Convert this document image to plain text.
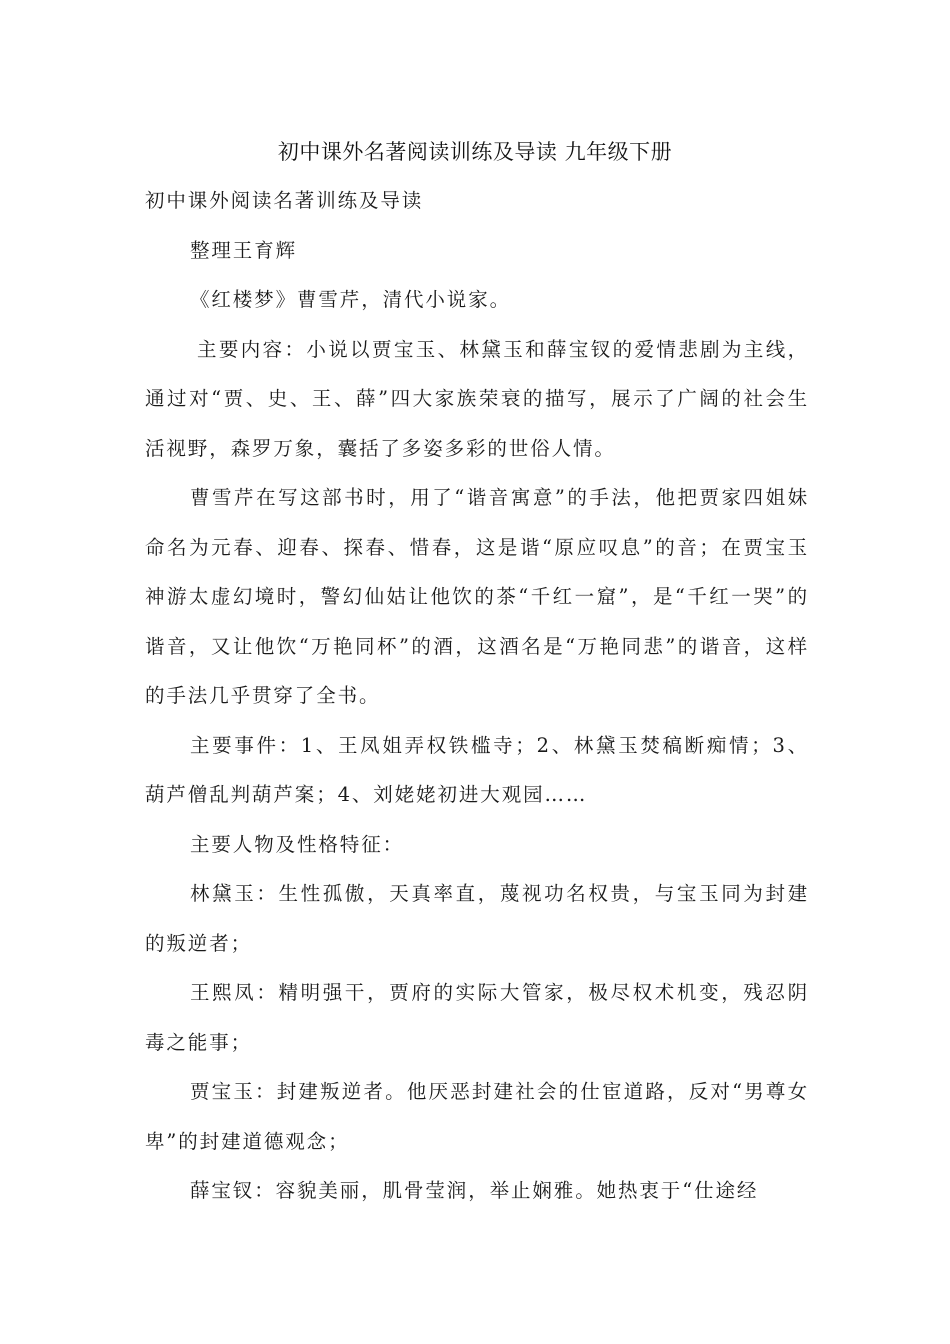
初中课外名著阅读训练及导读 九年级下册

初中课外阅读名著训练及导读

整理王育辉

《红楼梦》曹雪芹，清代小说家。

主要内容：小说以贾宝玉、林黛玉和薛宝钗的爱情悲剧为主线，通过对“贾、史、王、薛”四大家族荣衰的描写，展示了广阔的社会生活视野，森罗万象，囊括了多姿多彩的世俗人情。

曹雪芹在写这部书时，用了“谐音寓意”的手法，他把贾家四姐妹命名为元春、迎春、探春、惜春，这是谐“原应叹息”的音；在贾宝玉神游太虚幻境时，警幻仙姑让他饮的茶“千红一窟”，是“千红一哭”的谐音，又让他饮“万艳同杯”的酒，这酒名是“万艳同悲”的谐音，这样的手法几乎贯穿了全书。

主要事件：1、王凤姐弄权铁槛寺；2、林黛玉焚稿断痴情；3、葫芦僧乱判葫芦案；4、刘姥姥初进大观园……

主要人物及性格特征：

林黛玉：生性孤傲，天真率直，蔑视功名权贵，与宝玉同为封建的叛逆者；

王熙凤：精明强干，贾府的实际大管家，极尽权术机变，残忍阴毒之能事；

贾宝玉：封建叛逆者。他厌恶封建社会的仕宦道路，反对“男尊女卑”的封建道德观念；

薛宝钗：容貌美丽，肌骨莹润，举止娴雅。她热衷于“仕途经
